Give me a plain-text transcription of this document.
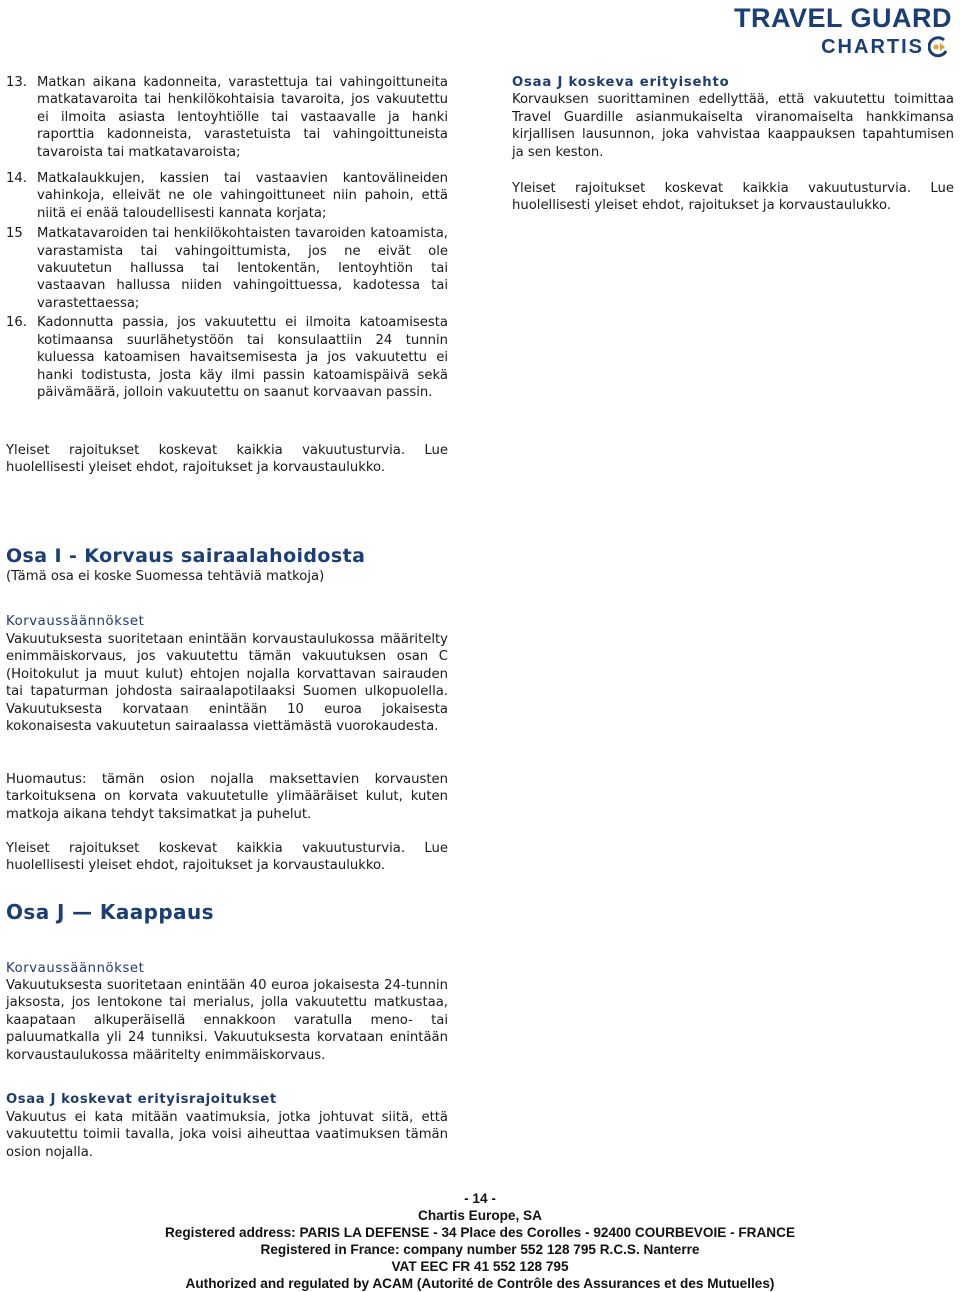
TRAVEL GUARD
CHARTIS
13. Matkan aikana kadonneita, varastettuja tai vahingoittuneita matkatavaroita tai henkilökohtaisia tavaroita, jos vakuutettu ei ilmoita asiasta lentoyhtiölle tai vastaavalle ja hanki raporttia kadonneista, varastetuista tai vahingoittuneista tavaroista tai matkatavaroista;
14. Matkalaukkujen, kassien tai vastaavien kantovälineiden vahinkoja, elleivät ne ole vahingoittuneet niin pahoin, että niitä ei enää taloudellisesti kannata korjata;
15	Matkatavaroiden tai henkilökohtaisten tavaroiden katoamista, varastamista tai vahingoittumista, jos ne eivät ole vakuutetun hallussa tai lentokentän, lentoyhtiön tai vastaavan hallussa niiden vahingoittuessa, kadotessa tai varastettaessa;
16. Kadonnutta passia, jos vakuutettu ei ilmoita katoamisesta kotimaansa suurlähetystöön tai konsulaattiin 24 tunnin kuluessa katoamisen havaitsemisesta ja jos vakuutettu ei hanki todistusta, josta käy ilmi passin katoamispäivä sekä päivämäärä, jolloin vakuutettu on saanut korvaavan passin.

Yleiset rajoitukset koskevat kaikkia vakuutusturvia. Lue huolellisesti yleiset ehdot, rajoitukset ja korvaustaulukko.

Osaa J koskeva erityisehto

Korvauksen suorittaminen edellyttää, että vakuutettu toimittaa Travel Guardille asianmukaiselta viranomaiselta hankkimansa kirjallisen lausunnon, joka vahvistaa kaappauksen tapahtumisen ja sen keston.

Yleiset rajoitukset koskevat kaikkia vakuutusturvia. Lue huolellisesti yleiset ehdot, rajoitukset ja korvaustaulukko.

Osa I - Korvaus sairaalahoidosta

(Tämä osa ei koske Suomessa tehtäviä matkoja)

Korvaussäännökset

Vakuutuksesta suoritetaan enintään korvaustaulukossa määritelty enimmäiskorvaus, jos vakuutettu tämän vakuutuksen osan C (Hoitokulut ja muut kulut) ehtojen nojalla korvattavan sairauden tai tapaturman johdosta sairaalapotilaaksi Suomen ulkopuolella. Vakuutuksesta korvataan enintään 10 euroa jokaisesta kokonaisesta vakuutetun sairaalassa viettämästä vuorokaudesta.

Huomautus: tämän osion nojalla maksettavien korvausten tarkoituksena on korvata vakuutetulle ylimääräiset kulut, kuten matkoja aikana tehdyt taksimatkat ja puhelut.

Yleiset rajoitukset koskevat kaikkia vakuutusturvia. Lue huolellisesti yleiset ehdot, rajoitukset ja korvaustaulukko.

Osa J — Kaappaus

Korvaussäännökset

Vakuutuksesta suoritetaan enintään 40 euroa jokaisesta 24-tunnin jaksosta, jos lentokone tai merialus, jolla vakuutettu matkustaa, kaapataan alkuperäisellä ennakkoon varatulla meno- tai paluumatkalla yli 24 tunniksi. Vakuutuksesta korvataan enintään korvaustaulukossa määritelty enimmäiskorvaus.

Osaa J koskevat erityisrajoitukset

Vakuutus ei kata mitään vaatimuksia, jotka johtuvat siitä, että vakuutettu toimii tavalla, joka voisi aiheuttaa vaatimuksen tämän osion nojalla.

- 14 -

Chartis Europe, SA

Registered address: PARIS LA DEFENSE - 34 Place des Corolles - 92400 COURBEVOIE - FRANCE

Registered in France: company number 552 128 795 R.C.S. Nanterre

VAT EEC FR 41 552 128 795

Authorized and regulated by ACAM (Autorité de Contrôle des Assurances et des Mutuelles)
